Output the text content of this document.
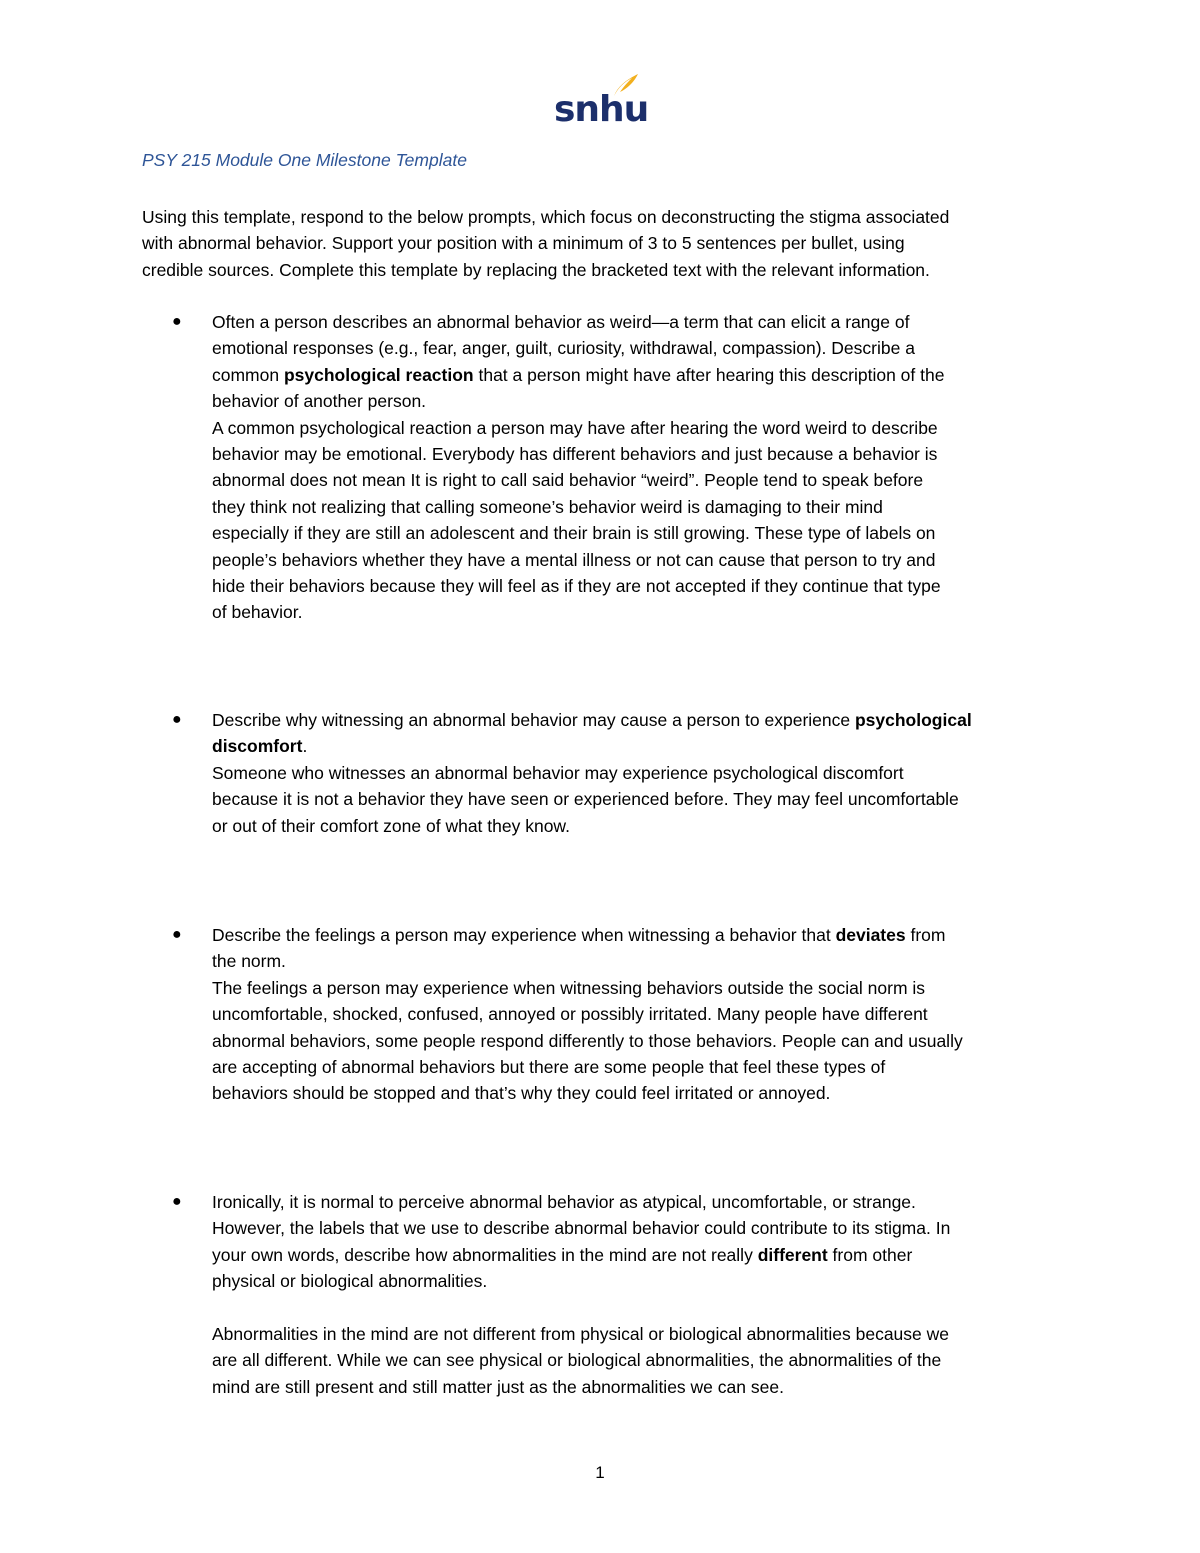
snhu
PSY 215 Module One Milestone Template

Using this template, respond to the below prompts, which focus on deconstructing the stigma associated

with abnormal behavior. Support your position with a minimum of 3 to 5 sentences per bullet, using

credible sources. Complete this template by replacing the bracketed text with the relevant information.

●	Often a person describes an abnormal behavior as weird—a term that can elicit a range of
emotional responses (e.g., fear, anger, guilt, curiosity, withdrawal, compassion). Describe a
common psychological reaction that a person might have after hearing this description of the
behavior of another person.
A common psychological reaction a person may have after hearing the word weird to describe
behavior may be emotional. Everybody has different behaviors and just because a behavior is
abnormal does not mean It is right to call said behavior “weird”. People tend to speak before
they think not realizing that calling someone’s behavior weird is damaging to their mind
especially if they are still an adolescent and their brain is still growing. These type of labels on
people’s behaviors whether they have a mental illness or not can cause that person to try and
hide their behaviors because they will feel as if they are not accepted if they continue that type
of behavior.
●	Describe why witnessing an abnormal behavior may cause a person to experience psychological
discomfort.
Someone who witnesses an abnormal behavior may experience psychological discomfort
because it is not a behavior they have seen or experienced before. They may feel uncomfortable
or out of their comfort zone of what they know.
●	Describe the feelings a person may experience when witnessing a behavior that deviates from
the norm.
The feelings a person may experience when witnessing behaviors outside the social norm is
uncomfortable, shocked, confused, annoyed or possibly irritated. Many people have different
abnormal behaviors, some people respond differently to those behaviors. People can and usually
are accepting of abnormal behaviors but there are some people that feel these types of
behaviors should be stopped and that’s why they could feel irritated or annoyed.
●	Ironically, it is normal to perceive abnormal behavior as atypical, uncomfortable, or strange.
However, the labels that we use to describe abnormal behavior could contribute to its stigma. In
your own words, describe how abnormalities in the mind are not really different from other
physical or biological abnormalities.

Abnormalities in the mind are not different from physical or biological abnormalities because we
are all different. While we can see physical or biological abnormalities, the abnormalities of the
mind are still present and still matter just as the abnormalities we can see.
1
